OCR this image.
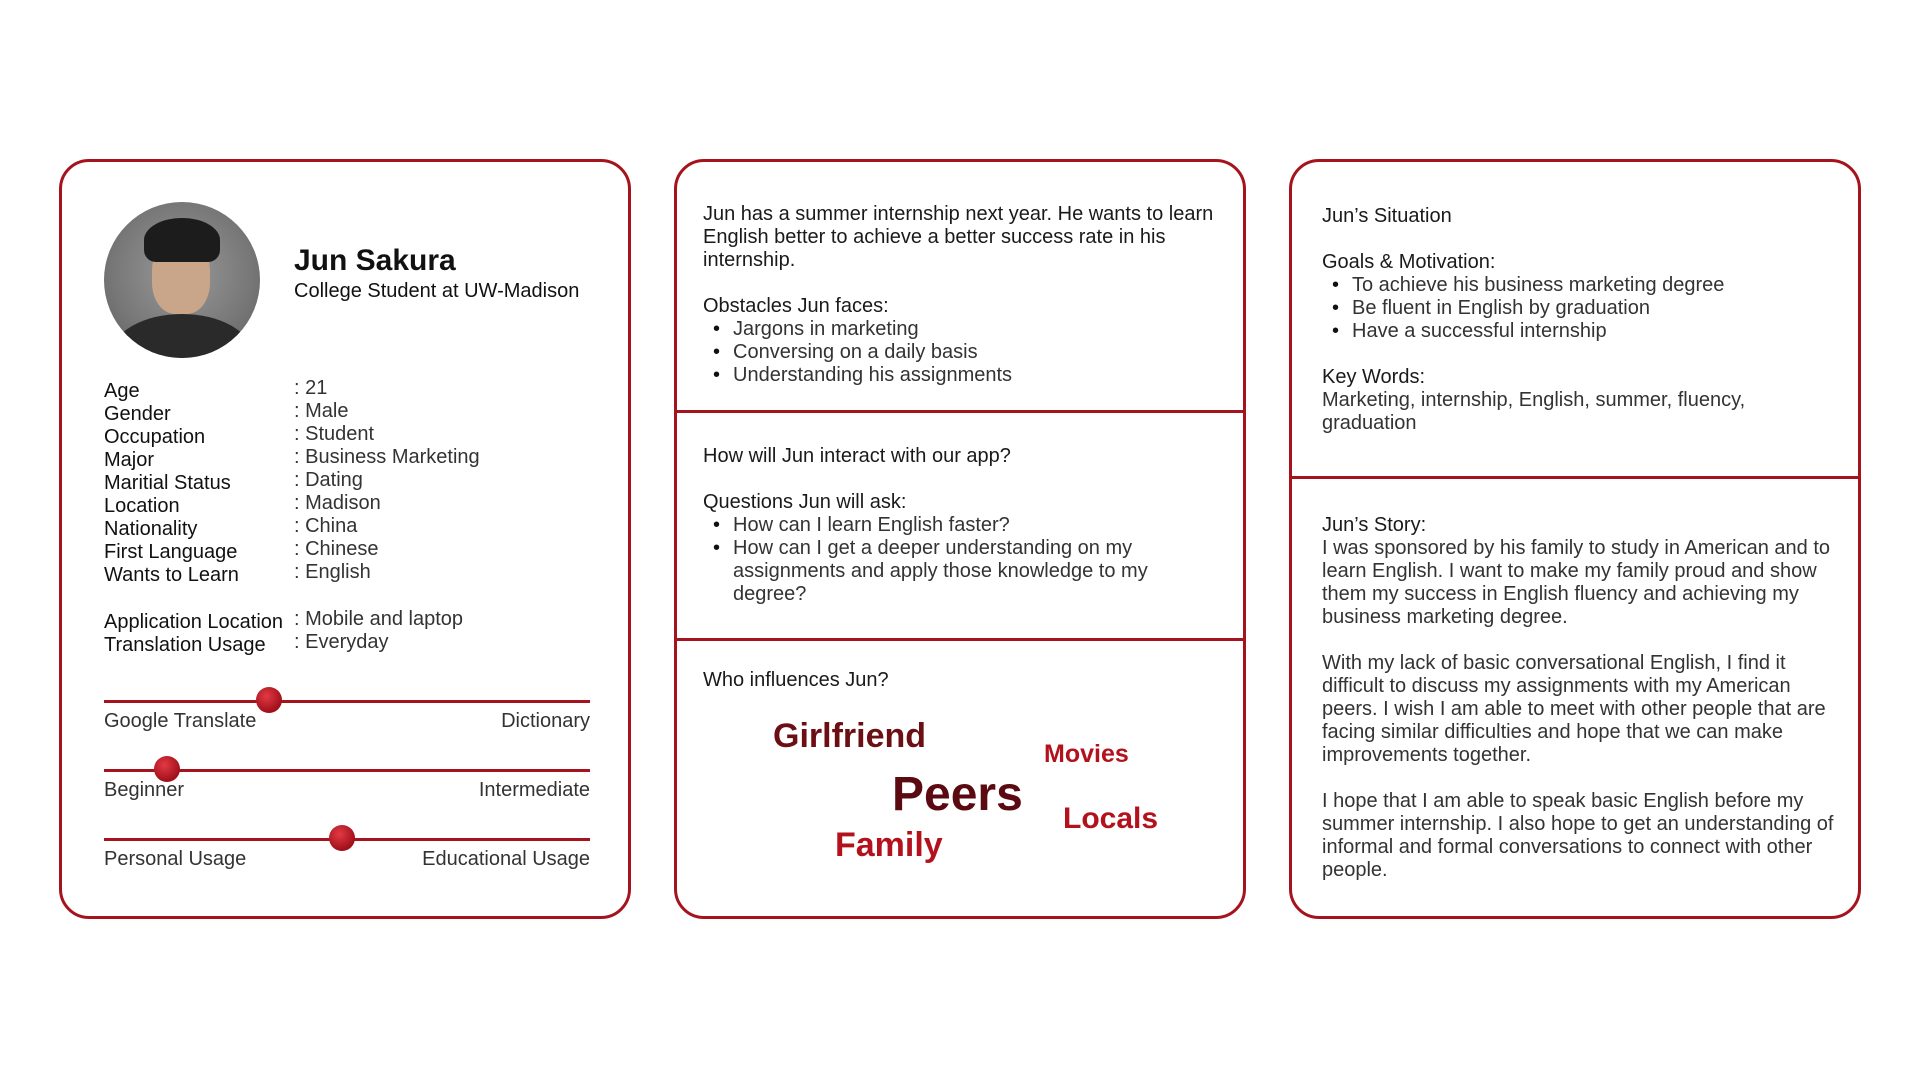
Jun Sakura
College Student at UW-Madison
Age	: 21
Gender	: Male
Occupation	: Student
Major	: Business Marketing
Maritial Status	: Dating
Location	: Madison
Nationality	: China
First Language	: Chinese
Wants to Learn	: English
Application Location : Mobile and laptop
Translation Usage	: Everyday
Google Translate	Dictionary
Beginner	Intermediate
Personal Usage	Educational Usage

Jun has a summer internship next year. He wants to learn English better to achieve a better success rate in his internship.

Obstacles Jun faces:

• Jargons in marketing
• Conversing on a daily basis
• Understanding his assignments

How will Jun interact with our app?

Questions Jun will ask:

• How can I learn English faster?
• How can I get a deeper understanding on my assignments and apply those knowledge to my degree?
Who influences Jun?
Girlfriend	Movies
Peers Locals
Family

Jun’s Situation

Goals & Motivation:

• To achieve his business marketing degree
• Be fluent in English by graduation
• Have a successful internship

Key Words:

Marketing, internship, English, summer, fluency, graduation

Jun’s Story:

I was sponsored by his family to study in American and to learn English. I want to make my family proud and show them my success in English fluency and achieving my business marketing degree.

With my lack of basic conversational English, I find it difficult to discuss my assignments with my American peers. I wish I am able to meet with other people that are facing similar difficulties and hope that we can make improvements together.

I hope that I am able to speak basic English before my summer internship. I also hope to get an understanding of informal and formal conversations to connect with other people.
